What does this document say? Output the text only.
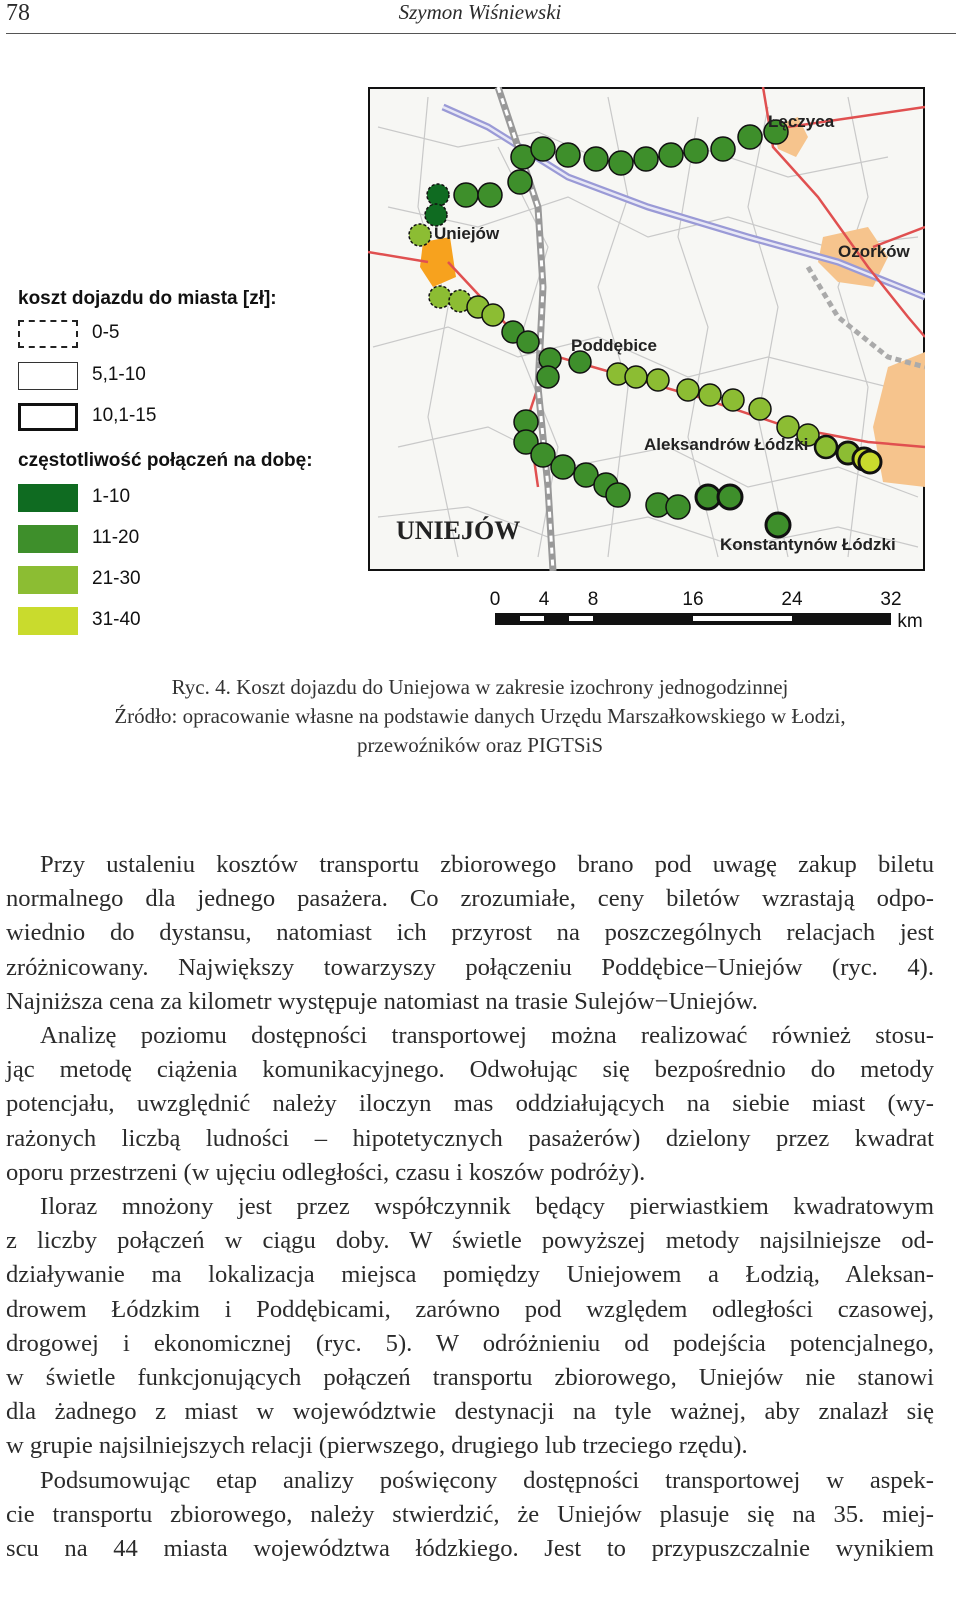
78	Szymon Wiśniewski
koszt dojazdu do miasta [zł]:
0-5
5,1-10
10,1-15
częstotliwość połączeń na dobę:
1-10
11-20
21-30
31-40
Łęczyca
Ozorków
Uniejów
Poddębice
Aleksandrów Łódzki
Konstantynów Łódzki
UNIEJÓW
0 4 8	16	24	32
km
Ryc. 4. Koszt dojazdu do Uniejowa w zakresie izochrony jednogodzinnej
Źródło: opracowanie własne na podstawie danych Urzędu Marszałkowskiego w Łodzi,
przewoźników oraz PIGTSiS
Przy ustaleniu kosztów transportu zbiorowego brano pod uwagę zakup biletu
normalnego dla jednego pasażera. Co zrozumiałe, ceny biletów wzrastają odpo-
wiednio do dystansu, natomiast ich przyrost na poszczególnych relacjach jest
zróżnicowany. Największy towarzyszy połączeniu Poddębice−Uniejów (ryc. 4).
Najniższa cena za kilometr występuje natomiast na trasie Sulejów−Uniejów.
Analizę poziomu dostępności transportowej można realizować również stosu-
jąc metodę ciążenia komunikacyjnego. Odwołując się bezpośrednio do metody
potencjału, uwzględnić należy iloczyn mas oddziałujących na siebie miast (wy-
rażonych liczbą ludności – hipotetycznych pasażerów) dzielony przez kwadrat
oporu przestrzeni (w ujęciu odległości, czasu i koszów podróży).
Iloraz mnożony jest przez współczynnik będący pierwiastkiem kwadratowym
z liczby połączeń w ciągu doby. W świetle powyższej metody najsilniejsze od-
działywanie ma lokalizacja miejsca pomiędzy Uniejowem a Łodzią, Aleksan-
drowem Łódzkim i Poddębicami, zarówno pod względem odległości czasowej,
drogowej i ekonomicznej (ryc. 5). W odróżnieniu od podejścia potencjalnego,
w świetle funkcjonujących połączeń transportu zbiorowego, Uniejów nie stanowi
dla żadnego z miast w województwie destynacji na tyle ważnej, aby znalazł się
w grupie najsilniejszych relacji (pierwszego, drugiego lub trzeciego rzędu).
Podsumowując etap analizy poświęcony dostępności transportowej w aspek-
cie transportu zbiorowego, należy stwierdzić, że Uniejów plasuje się na 35. miej-
scu na 44 miasta województwa łódzkiego. Jest to przypuszczalnie wynikiem
